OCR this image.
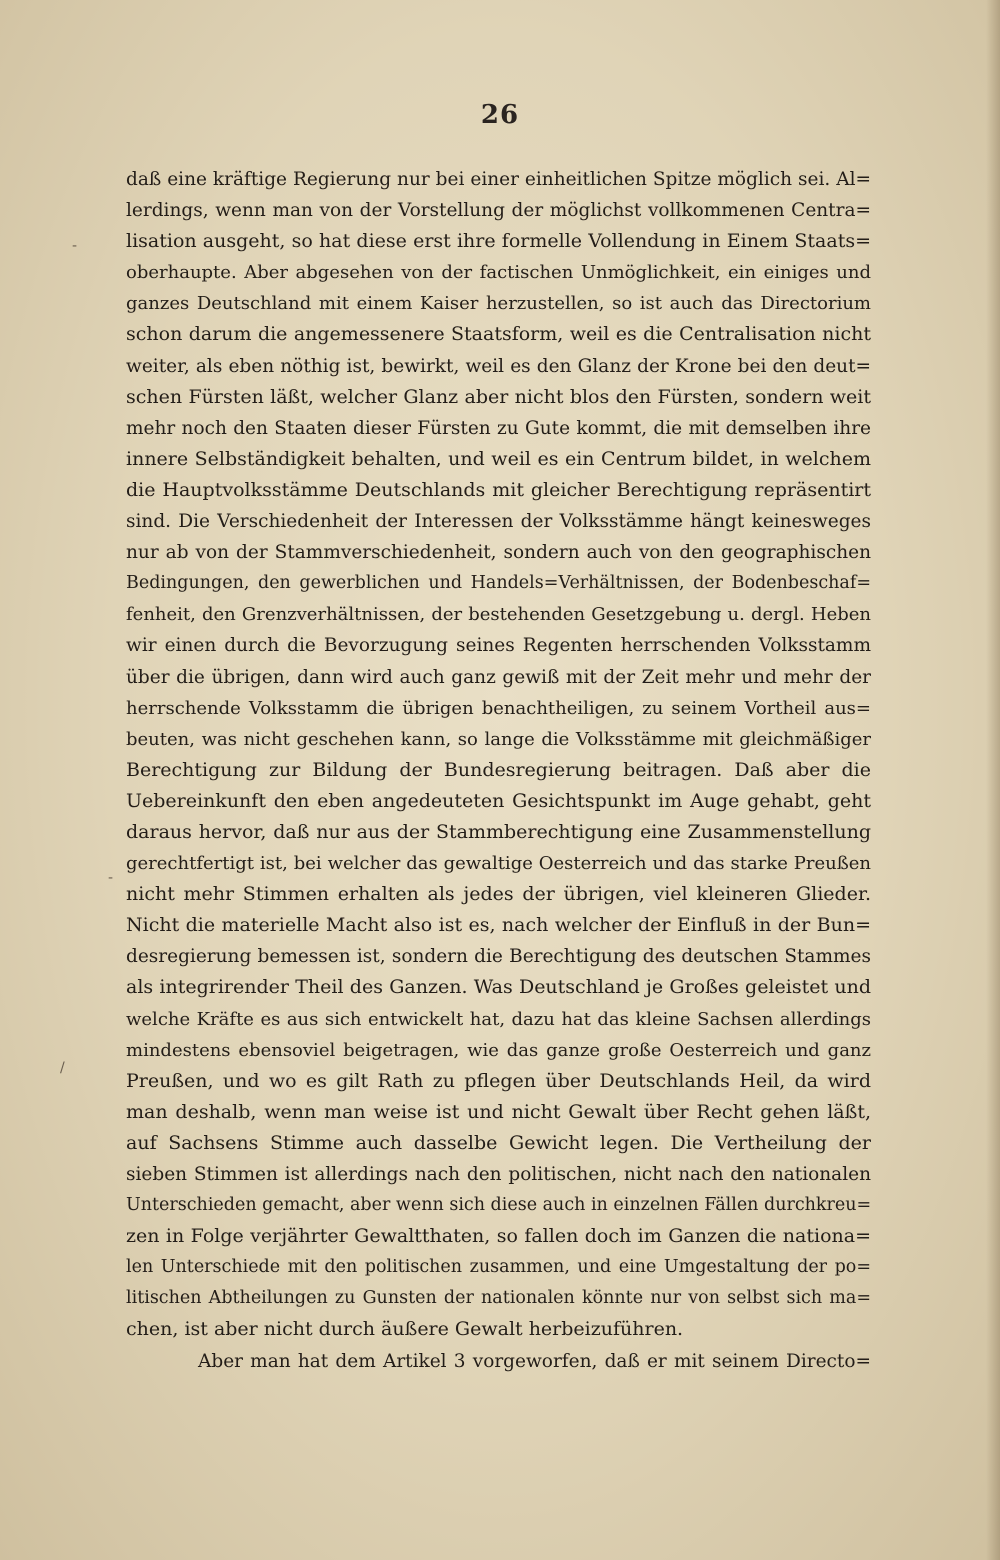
26
daß eine kräftige Regierung nur bei einer einheitlichen Spitze möglich sei. Al=
lerdings, wenn man von der Vorstellung der möglichst vollkommenen Centra=
lisation ausgeht, so hat diese erst ihre formelle Vollendung in Einem Staats=
oberhaupte. Aber abgesehen von der factischen Unmöglichkeit, ein einiges und
ganzes Deutschland mit einem Kaiser herzustellen, so ist auch das Directorium
schon darum die angemessenere Staatsform, weil es die Centralisation nicht
weiter, als eben nöthig ist, bewirkt, weil es den Glanz der Krone bei den deut=
schen Fürsten läßt, welcher Glanz aber nicht blos den Fürsten, sondern weit
mehr noch den Staaten dieser Fürsten zu Gute kommt, die mit demselben ihre
innere Selbständigkeit behalten, und weil es ein Centrum bildet, in welchem
die Hauptvolksstämme Deutschlands mit gleicher Berechtigung repräsentirt
sind. Die Verschiedenheit der Interessen der Volksstämme hängt keinesweges
nur ab von der Stammverschiedenheit, sondern auch von den geographischen
Bedingungen, den gewerblichen und Handels=Verhältnissen, der Bodenbeschaf=
fenheit, den Grenzverhältnissen, der bestehenden Gesetzgebung u. dergl. Heben
wir einen durch die Bevorzugung seines Regenten herrschenden Volksstamm
über die übrigen, dann wird auch ganz gewiß mit der Zeit mehr und mehr der
herrschende Volksstamm die übrigen benachtheiligen, zu seinem Vortheil aus=
beuten, was nicht geschehen kann, so lange die Volksstämme mit gleichmäßiger
Berechtigung zur Bildung der Bundesregierung beitragen. Daß aber die
Uebereinkunft den eben angedeuteten Gesichtspunkt im Auge gehabt, geht
daraus hervor, daß nur aus der Stammberechtigung eine Zusammenstellung
gerechtfertigt ist, bei welcher das gewaltige Oesterreich und das starke Preußen
nicht mehr Stimmen erhalten als jedes der übrigen, viel kleineren Glieder.
Nicht die materielle Macht also ist es, nach welcher der Einfluß in der Bun=
desregierung bemessen ist, sondern die Berechtigung des deutschen Stammes
als integrirender Theil des Ganzen. Was Deutschland je Großes geleistet und
welche Kräfte es aus sich entwickelt hat, dazu hat das kleine Sachsen allerdings
mindestens ebensoviel beigetragen, wie das ganze große Oesterreich und ganz
Preußen, und wo es gilt Rath zu pflegen über Deutschlands Heil, da wird
man deshalb, wenn man weise ist und nicht Gewalt über Recht gehen läßt,
auf Sachsens Stimme auch dasselbe Gewicht legen. Die Vertheilung der
sieben Stimmen ist allerdings nach den politischen, nicht nach den nationalen
Unterschieden gemacht, aber wenn sich diese auch in einzelnen Fällen durchkreu=
zen in Folge verjährter Gewaltthaten, so fallen doch im Ganzen die nationa=
len Unterschiede mit den politischen zusammen, und eine Umgestaltung der po=
litischen Abtheilungen zu Gunsten der nationalen könnte nur von selbst sich ma=
chen, ist aber nicht durch äußere Gewalt herbeizuführen.
Aber man hat dem Artikel 3 vorgeworfen, daß er mit seinem Directo=
-
-
/
